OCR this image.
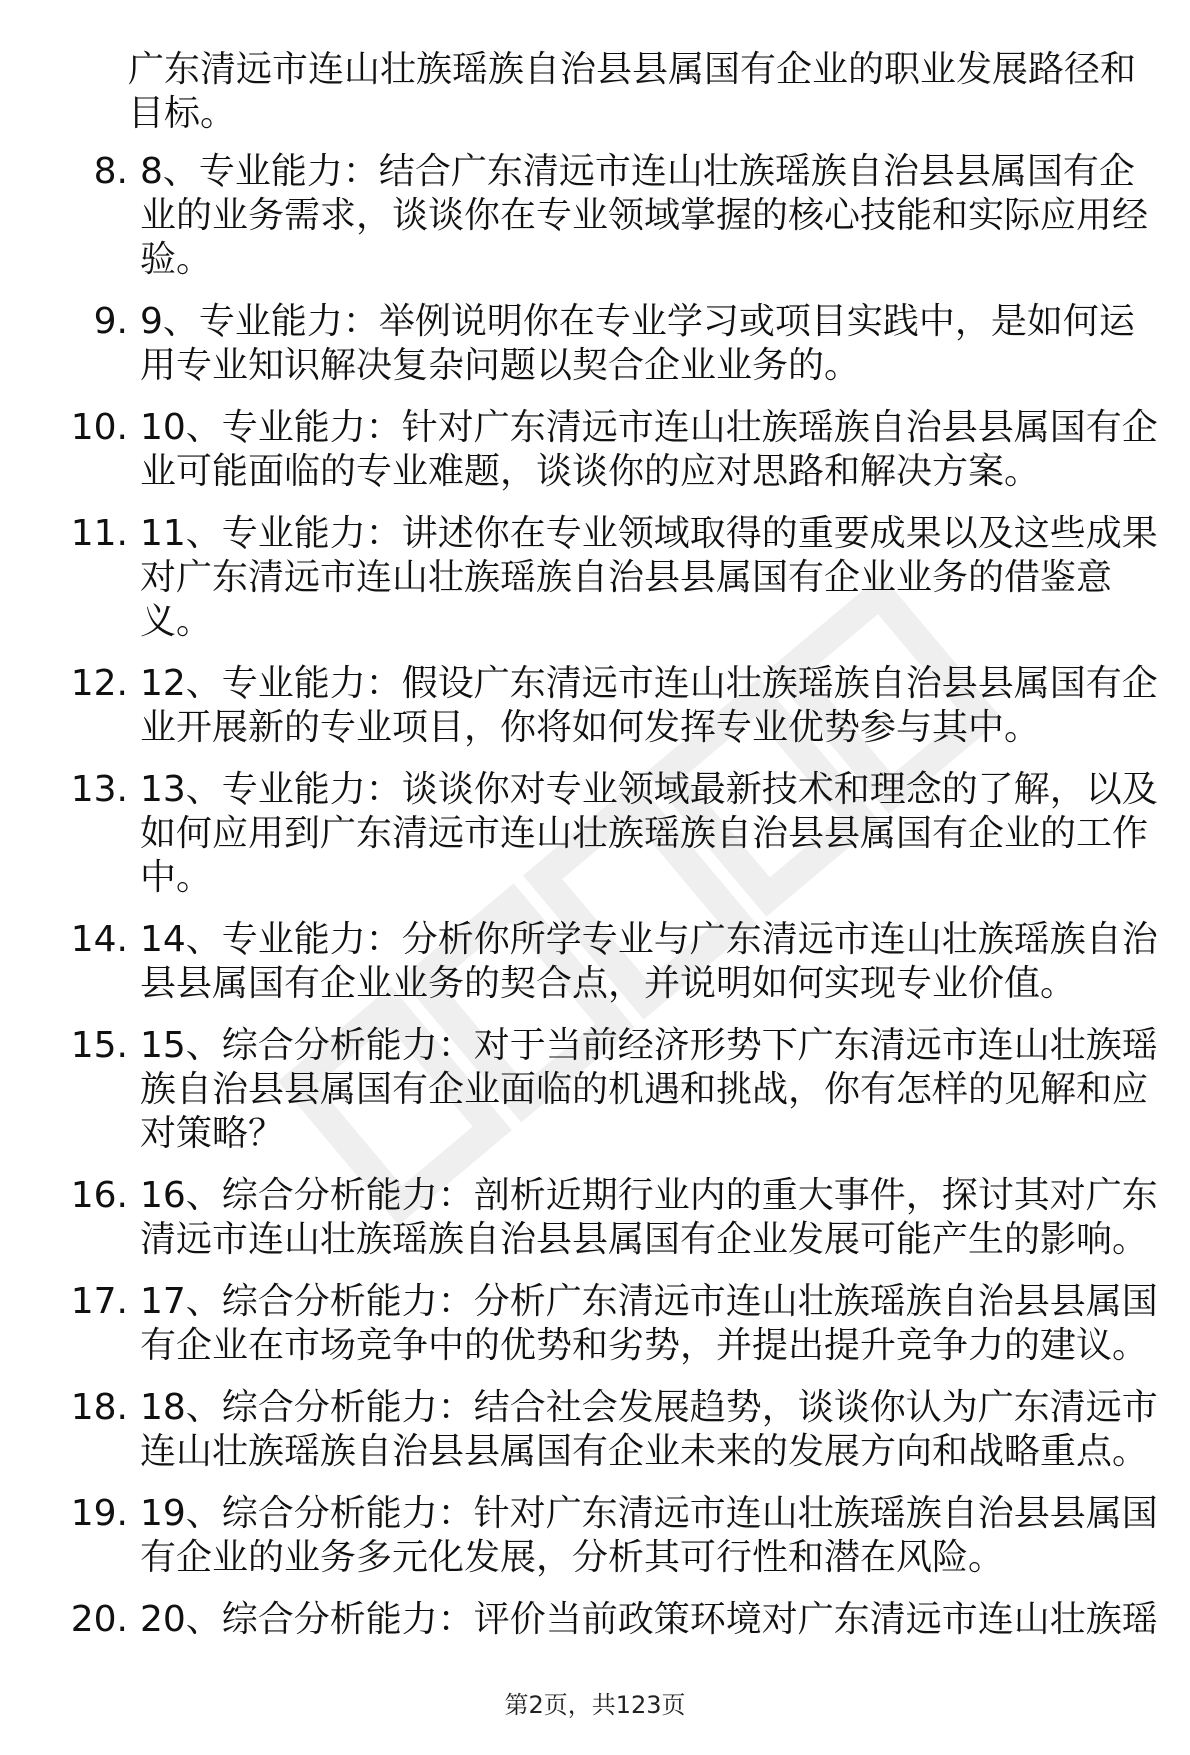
广东清远市连山壮族瑶族自治县县属国有企业的职业发展路径和目标。
8. 8、专业能力：结合广东清远市连山壮族瑶族自治县县属国有企业的业务需求，谈谈你在专业领域掌握的核心技能和实际应用经验。
9. 9、专业能力：举例说明你在专业学习或项目实践中，是如何运用专业知识解决复杂问题以契合企业业务的。
10. 10、专业能力：针对广东清远市连山壮族瑶族自治县县属国有企业可能面临的专业难题，谈谈你的应对思路和解决方案。
11. 11、专业能力：讲述你在专业领域取得的重要成果以及这些成果对广东清远市连山壮族瑶族自治县县属国有企业业务的借鉴意义。
12. 12、专业能力：假设广东清远市连山壮族瑶族自治县县属国有企业开展新的专业项目，你将如何发挥专业优势参与其中。
13. 13、专业能力：谈谈你对专业领域最新技术和理念的了解，以及如何应用到广东清远市连山壮族瑶族自治县县属国有企业的工作中。
14. 14、专业能力：分析你所学专业与广东清远市连山壮族瑶族自治县县属国有企业业务的契合点，并说明如何实现专业价值。
15. 15、综合分析能力：对于当前经济形势下广东清远市连山壮族瑶族自治县县属国有企业面临的机遇和挑战，你有怎样的见解和应对策略？
16. 16、综合分析能力：剖析近期行业内的重大事件，探讨其对广东清远市连山壮族瑶族自治县县属国有企业发展可能产生的影响。
17. 17、综合分析能力：分析广东清远市连山壮族瑶族自治县县属国有企业在市场竞争中的优势和劣势，并提出提升竞争力的建议。
18. 18、综合分析能力：结合社会发展趋势，谈谈你认为广东清远市连山壮族瑶族自治县县属国有企业未来的发展方向和战略重点。
19. 19、综合分析能力：针对广东清远市连山壮族瑶族自治县县属国有企业的业务多元化发展，分析其可行性和潜在风险。
20. 20、综合分析能力：评价当前政策环境对广东清远市连山壮族瑶
第2页，共123页
